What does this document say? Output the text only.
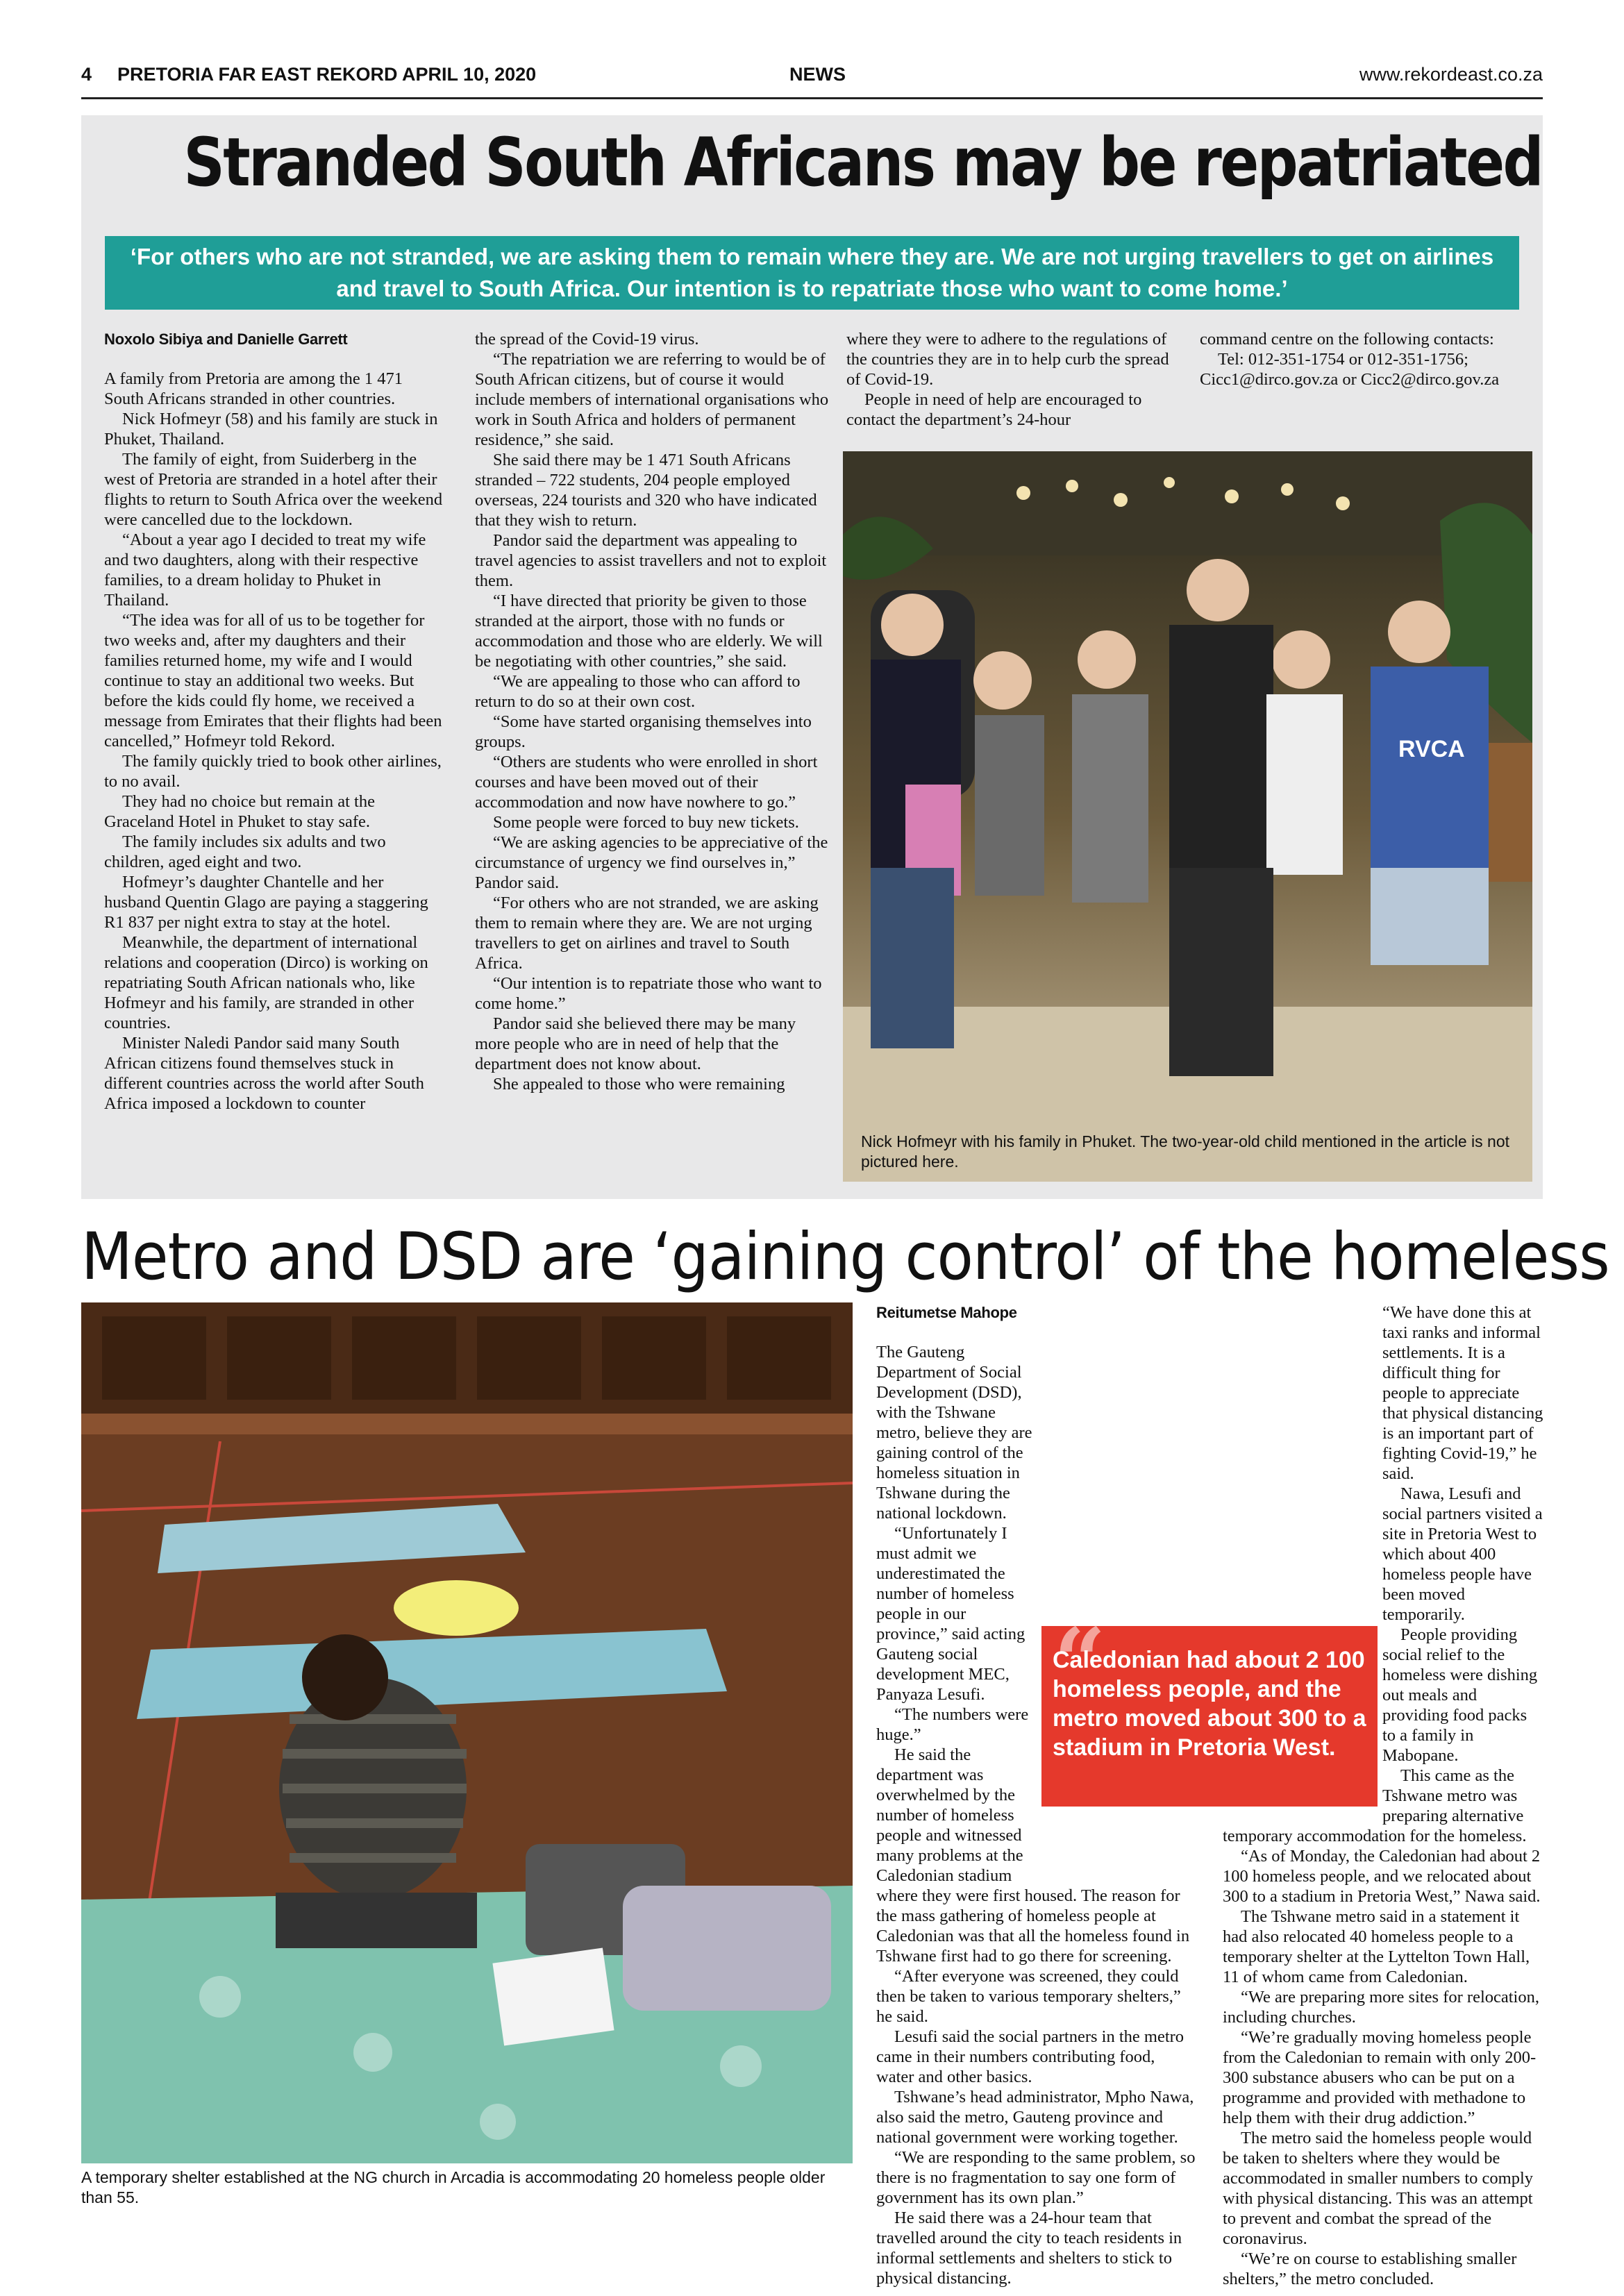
4 PRETORIA FAR EAST REKORD APRIL 10, 2020	NEWS	www.rekordeast.co.za
Stranded South Africans may be repatriated
‘For others who are not stranded, we are asking them to remain where they are. We are not urging travellers to get on airlines and travel to South Africa. Our intention is to repatriate those who want to come home.’
Noxolo Sibiya and Danielle Garrett

A family from Pretoria are among the 1 471 South Africans stranded in other countries.

Nick Hofmeyr (58) and his family are stuck in Phuket, Thailand.

The family of eight, from Suiderberg in the west of Pretoria are stranded in a hotel after their flights to return to South Africa over the weekend were cancelled due to the lockdown.

“About a year ago I decided to treat my wife and two daughters, along with their respective families, to a dream holiday to Phuket in Thailand.

“The idea was for all of us to be together for two weeks and, after my daughters and their families returned home, my wife and I would continue to stay an additional two weeks. But before the kids could fly home, we received a message from Emirates that their flights had been cancelled,” Hofmeyr told Rekord.

The family quickly tried to book other airlines, to no avail.

They had no choice but remain at the Graceland Hotel in Phuket to stay safe.

The family includes six adults and two children, aged eight and two.

Hofmeyr’s daughter Chantelle and her husband Quentin Glago are paying a staggering R1 837 per night extra to stay at the hotel.

Meanwhile, the department of international relations and cooperation (Dirco) is working on repatriating South African nationals who, like Hofmeyr and his family, are stranded in other countries.

Minister Naledi Pandor said many South African citizens found themselves stuck in different countries across the world after South Africa imposed a lockdown to counter

the spread of the Covid-19 virus.

“The repatriation we are referring to would be of South African citizens, but of course it would include members of international organisations who work in South Africa and holders of permanent residence,” she said.

She said there may be 1 471 South Africans stranded – 722 students, 204 people employed overseas, 224 tourists and 320 who have indicated that they wish to return.

Pandor said the department was appealing to travel agencies to assist travellers and not to exploit them.

“I have directed that priority be given to those stranded at the airport, those with no funds or accommodation and those who are elderly. We will be negotiating with other countries,” she said.

“We are appealing to those who can afford to return to do so at their own cost.

“Some have started organising themselves into groups.

“Others are students who were enrolled in short courses and have been moved out of their accommodation and now have nowhere to go.”

Some people were forced to buy new tickets.

“We are asking agencies to be appreciative of the circumstance of urgency we find ourselves in,” Pandor said.

“For others who are not stranded, we are asking them to remain where they are. We are not urging travellers to get on airlines and travel to South Africa.

“Our intention is to repatriate those who want to come home.”

Pandor said she believed there may be many more people who are in need of help that the department does not know about.

She appealed to those who were remaining

where they were to adhere to the regulations of the countries they are in to help curb the spread of Covid-19.

People in need of help are encouraged to contact the department’s 24-hour

command centre on the following contacts:

Tel: 012-351-1754 or 012-351-1756; Cicc1@dirco.gov.za or Cicc2@dirco.gov.za

RVCA
Nick Hofmeyr with his family in Phuket. The two-year-old child mentioned in the article is not pictured here.
Metro and DSD are ‘gaining control’ of the homeless
A temporary shelter established at the NG church in Arcadia is accommodating 20 homeless people older than 55.
Reitumetse Mahope

The Gauteng Department of Social Development (DSD), with the Tshwane metro, believe they are gaining control of the homeless situation in Tshwane during the national lockdown.

“Unfortunately I must admit we underestimated the number of homeless people in our province,” said acting Gauteng social development MEC, Panyaza Lesufi.

“The numbers were huge.”

He said the department was overwhelmed by the number of homeless people and witnessed many problems at the Caledonian stadium where they were first housed. The reason for the mass gathering of homeless people at Caledonian was that all the homeless found in Tshwane first had to go there for screening.

“After everyone was screened, they could then be taken to various temporary shelters,” he said.

Lesufi said the social partners in the metro came in their numbers contributing food, water and other basics.

Tshwane’s head administrator, Mpho Nawa, also said the metro, Gauteng province and national government were working together.

“We are responding to the same problem, so there is no fragmentation to say one form of government has its own plan.”

He said there was a 24-hour team that travelled around the city to teach residents in informal settlements and shelters to stick to physical distancing.

“We have done this at taxi ranks and informal settlements. It is a difficult thing for people to appreciate that physical distancing is an important part of fighting Covid-19,” he said.

Nawa, Lesufi and social partners visited a site in Pretoria West to which about 400 homeless people have been moved temporarily.

People providing social relief to the homeless were dishing out meals and providing food packs to a family in Mabopane.

This came as the Tshwane metro was preparing alternative temporary accommodation for the homeless.

“As of Monday, the Caledonian had about 2 100 homeless people, and we relocated about 300 to a stadium in Pretoria West,” Nawa said.

The Tshwane metro said in a statement it had also relocated 40 homeless people to a temporary shelter at the Lyttelton Town Hall, 11 of whom came from Caledonian.

“We are preparing more sites for relocation, including churches.

“We’re gradually moving homeless people from the Caledonian to remain with only 200-300 substance abusers who can be put on a programme and provided with methadone to help them with their drug addiction.”

The metro said the homeless people would be taken to shelters where they would be accommodated in smaller numbers to comply with physical distancing. This was an attempt to prevent and combat the spread of the coronavirus.

“We’re on course to establishing smaller shelters,” the metro concluded.

“
Caledonian had about 2 100 homeless people, and the metro moved about 300 to a stadium in Pretoria West.
